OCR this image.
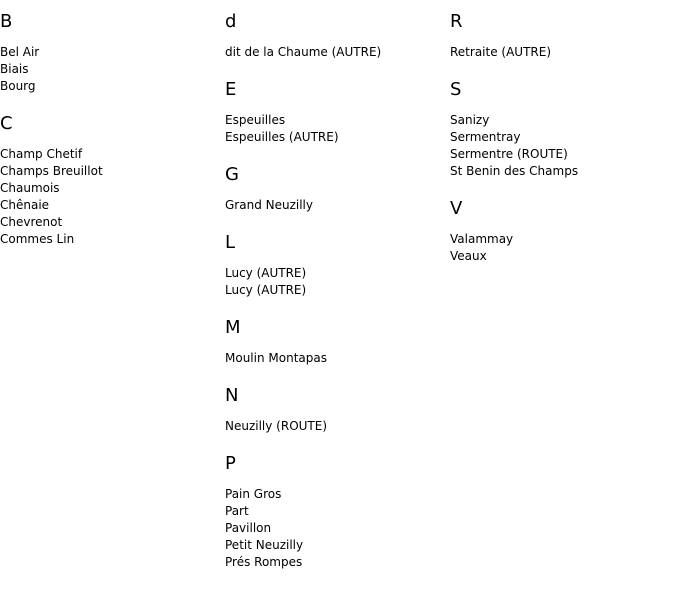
B
Bel Air
Biais
Bourg
C
Champ Chetif
Champs Breuillot
Chaumois
Chênaie
Chevrenot
Commes Lin
d
dit de la Chaume (AUTRE)
E
Espeuilles
Espeuilles (AUTRE)
G
Grand Neuzilly
L
Lucy (AUTRE)
Lucy (AUTRE)
M
Moulin Montapas
N
Neuzilly (ROUTE)
P
Pain Gros
Part
Pavillon
Petit Neuzilly
Prés Rompes
R
Retraite (AUTRE)
S
Sanizy
Sermentray
Sermentre (ROUTE)
St Benin des Champs
V
Valammay
Veaux
